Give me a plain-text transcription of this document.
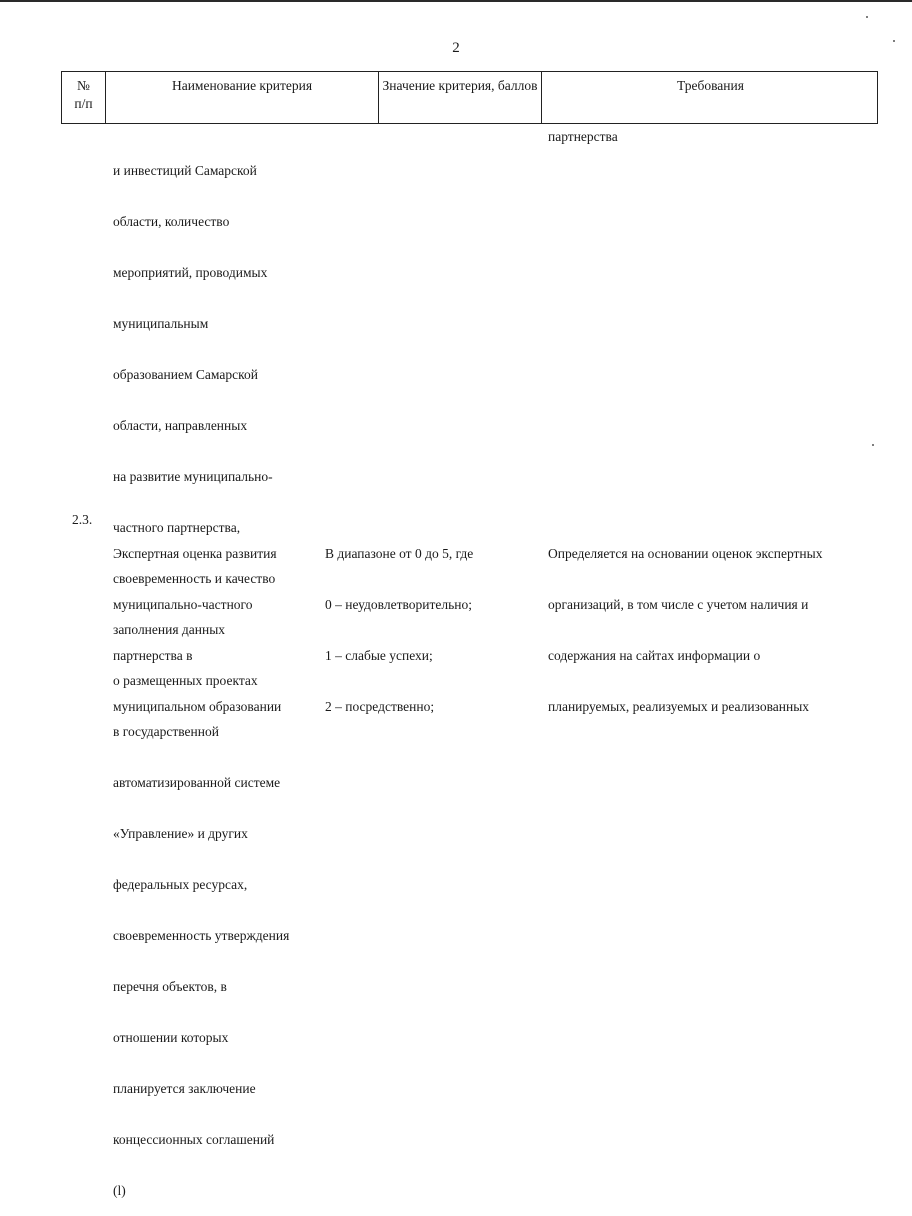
2
№
п/п
Наименование критерия	Значение критерия, баллов	Требования

и инвестиций Самарской

области, количество

мероприятий, проводимых

муниципальным

образованием Самарской

области, направленных

на развитие муниципально-

частного партнерства,

своевременность и качество

заполнения данных

о размещенных проектах

в государственной

автоматизированной системе

«Управление» и других

федеральных ресурсах,

своевременность утверждения

перечня объектов, в

отношении которых

планируется заключение

концессионных соглашений

(l)

партнерства
2.3.

Экспертная оценка развития

муниципально-частного

партнерства в

муниципальном образовании

В диапазоне от 0 до 5, где

0 – неудовлетворительно;

1 – слабые успехи;

2 – посредственно;

Определяется на основании оценок экспертных

организаций, в том числе с учетом наличия и

содержания на сайтах информации о

планируемых, реализуемых и реализованных
